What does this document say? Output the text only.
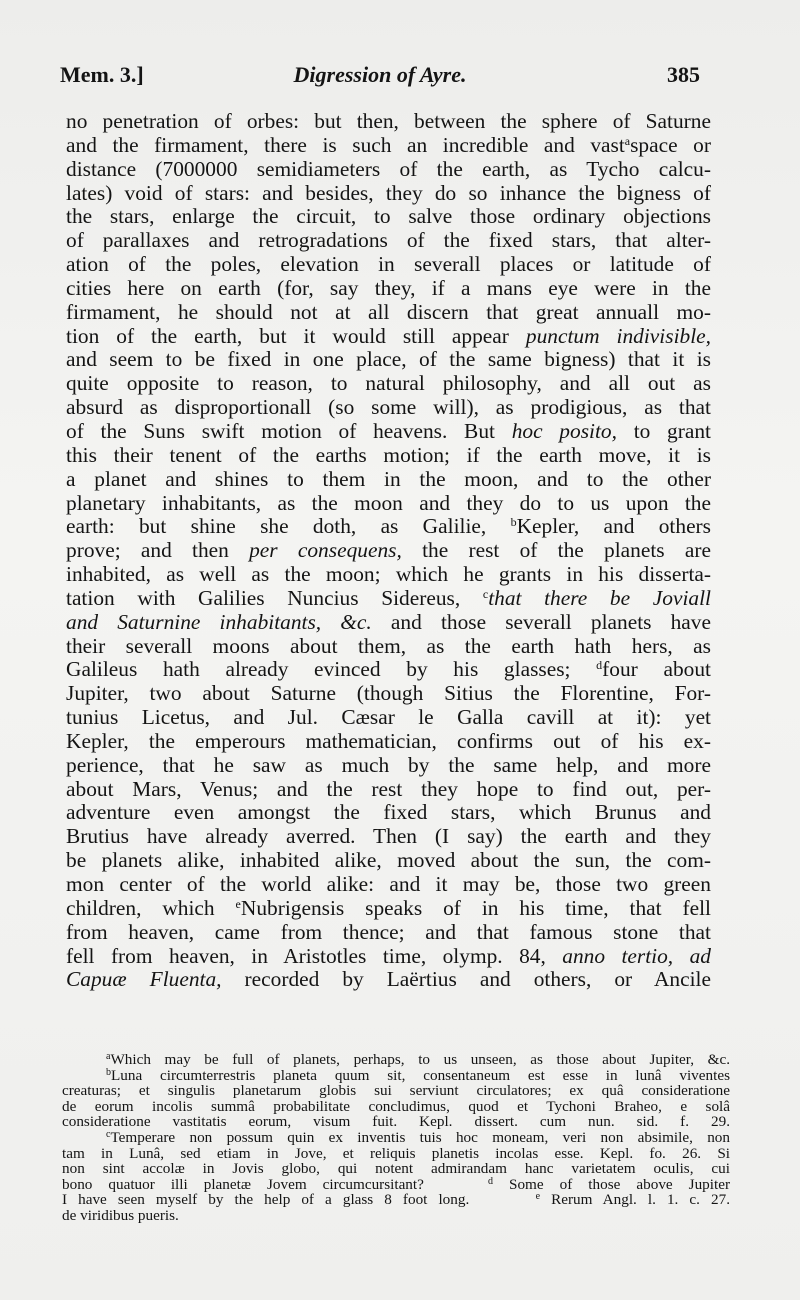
Mem. 3.]	Digression of Ayre.	385
no penetration of orbes: but then, between the sphere of Saturne
and the firmament, there is such an incredible and vast$^a$space or
distance (7000000 semidiameters of the earth, as Tycho calcu-
lates) void of stars: and besides, they do so inhance the bigness of
the stars, enlarge the circuit, to salve those ordinary objections
of parallaxes and retrogradations of the fixed stars, that alter-
ation of the poles, elevation in severall places or latitude of
cities here on earth (for, say they, if a mans eye were in the
firmament, he should not at all discern that great annuall mo-
tion of the earth, but it would still appear punctum indivisible,
and seem to be fixed in one place, of the same bigness) that it is
quite opposite to reason, to natural philosophy, and all out as
absurd as disproportionall (so some will), as prodigious, as that
of the Suns swift motion of heavens. But hoc posito, to grant
this their tenent of the earths motion; if the earth move, it is
a planet and shines to them in the moon, and to the other
planetary inhabitants, as the moon and they do to us upon the
earth: but shine she doth, as Galilie, $^b$Kepler, and others
prove; and then per consequens, the rest of the planets are
inhabited, as well as the moon; which he grants in his disserta-
tation with Galilies Nuncius Sidereus, $^c$that there be Joviall
and Saturnine inhabitants, &c. and those severall planets have
their severall moons about them, as the earth hath hers, as
Galileus hath already evinced by his glasses; $^d$four about
Jupiter, two about Saturne (though Sitius the Florentine, For-
tunius Licetus, and Jul. Cæsar le Galla cavill at it): yet
Kepler, the emperours mathematician, confirms out of his ex-
perience, that he saw as much by the same help, and more
about Mars, Venus; and the rest they hope to find out, per-
adventure even amongst the fixed stars, which Brunus and
Brutius have already averred. Then (I say) the earth and they
be planets alike, inhabited alike, moved about the sun, the com-
mon center of the world alike: and it may be, those two green
children, which $^e$Nubrigensis speaks of in his time, that fell
from heaven, came from thence; and that famous stone that
fell from heaven, in Aristotles time, olymp. 84, anno tertio, ad
Capuæ Fluenta, recorded by Laërtius and others, or Ancile

$^a$Which may be full of planets, perhaps, to us unseen, as those about Jupiter, &c.
$^b$Luna circumterrestris planeta quum sit, consentaneum est esse in lunâ viventes
creaturas; et singulis planetarum globis sui serviunt circulatores; ex quâ consideratione
de eorum incolis summâ probabilitate concludimus, quod et Tychoni Braheo, e solâ
consideratione vastitatis eorum, visum fuit. Kepl. dissert. cum nun. sid. f. 29.
$^c$Temperare non possum quin ex inventis tuis hoc moneam, veri non absimile, non
tam in Lunâ, sed etiam in Jove, et reliquis planetis incolas esse. Kepl. fo. 26. Si
non sint accolæ in Jovis globo, qui notent admirandam hanc varietatem oculis, cui
bono quatuor illi planetæ Jovem circumcursitant?	$^d$ Some of those above Jupiter
I have seen myself by the help of a glass 8 foot long.	$^e$ Rerum Angl. l. 1. c. 27.
de viridibus pueris.
